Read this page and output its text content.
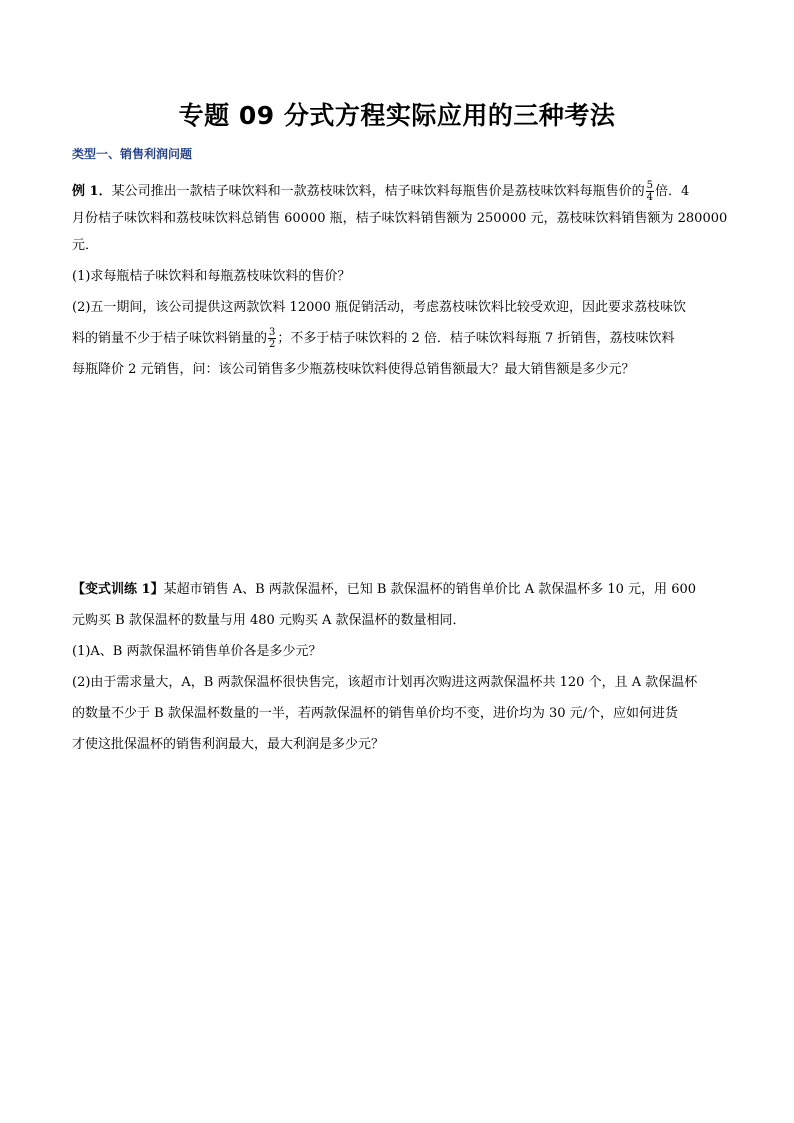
专题 09 分式方程实际应用的三种考法
类型一、销售利润问题
例 1．某公司推出一款桔子味饮料和一款荔枝味饮料，桔子味饮料每瓶售价是荔枝味饮料每瓶售价的 $\frac{5}{4}$ 倍．4
月份桔子味饮料和荔枝味饮料总销售 60000 瓶，桔子味饮料销售额为 250000 元，荔枝味饮料销售额为 280000
元．
(1)求每瓶桔子味饮料和每瓶荔枝味饮料的售价？
(2)五一期间，该公司提供这两款饮料 12000 瓶促销活动，考虑荔枝味饮料比较受欢迎，因此要求荔枝味饮
料的销量不少于桔子味饮料销量的 $\frac{3}{2}$ ；不多于桔子味饮料的 2 倍．桔子味饮料每瓶 7 折销售，荔枝味饮料
每瓶降价 2 元销售，问：该公司销售多少瓶荔枝味饮料使得总销售额最大？最大销售额是多少元？
【变式训练 1】某超市销售 A、B 两款保温杯，已知 B 款保温杯的销售单价比 A 款保温杯多 10 元，用 600
元购买 B 款保温杯的数量与用 480 元购买 A 款保温杯的数量相同．
(1)A、B 两款保温杯销售单价各是多少元？
(2)由于需求量大，A，B 两款保温杯很快售完，该超市计划再次购进这两款保温杯共 120 个，且 A 款保温杯
的数量不少于 B 款保温杯数量的一半，若两款保温杯的销售单价均不变，进价均为 30 元/个，应如何进货
才使这批保温杯的销售利润最大，最大利润是多少元？
